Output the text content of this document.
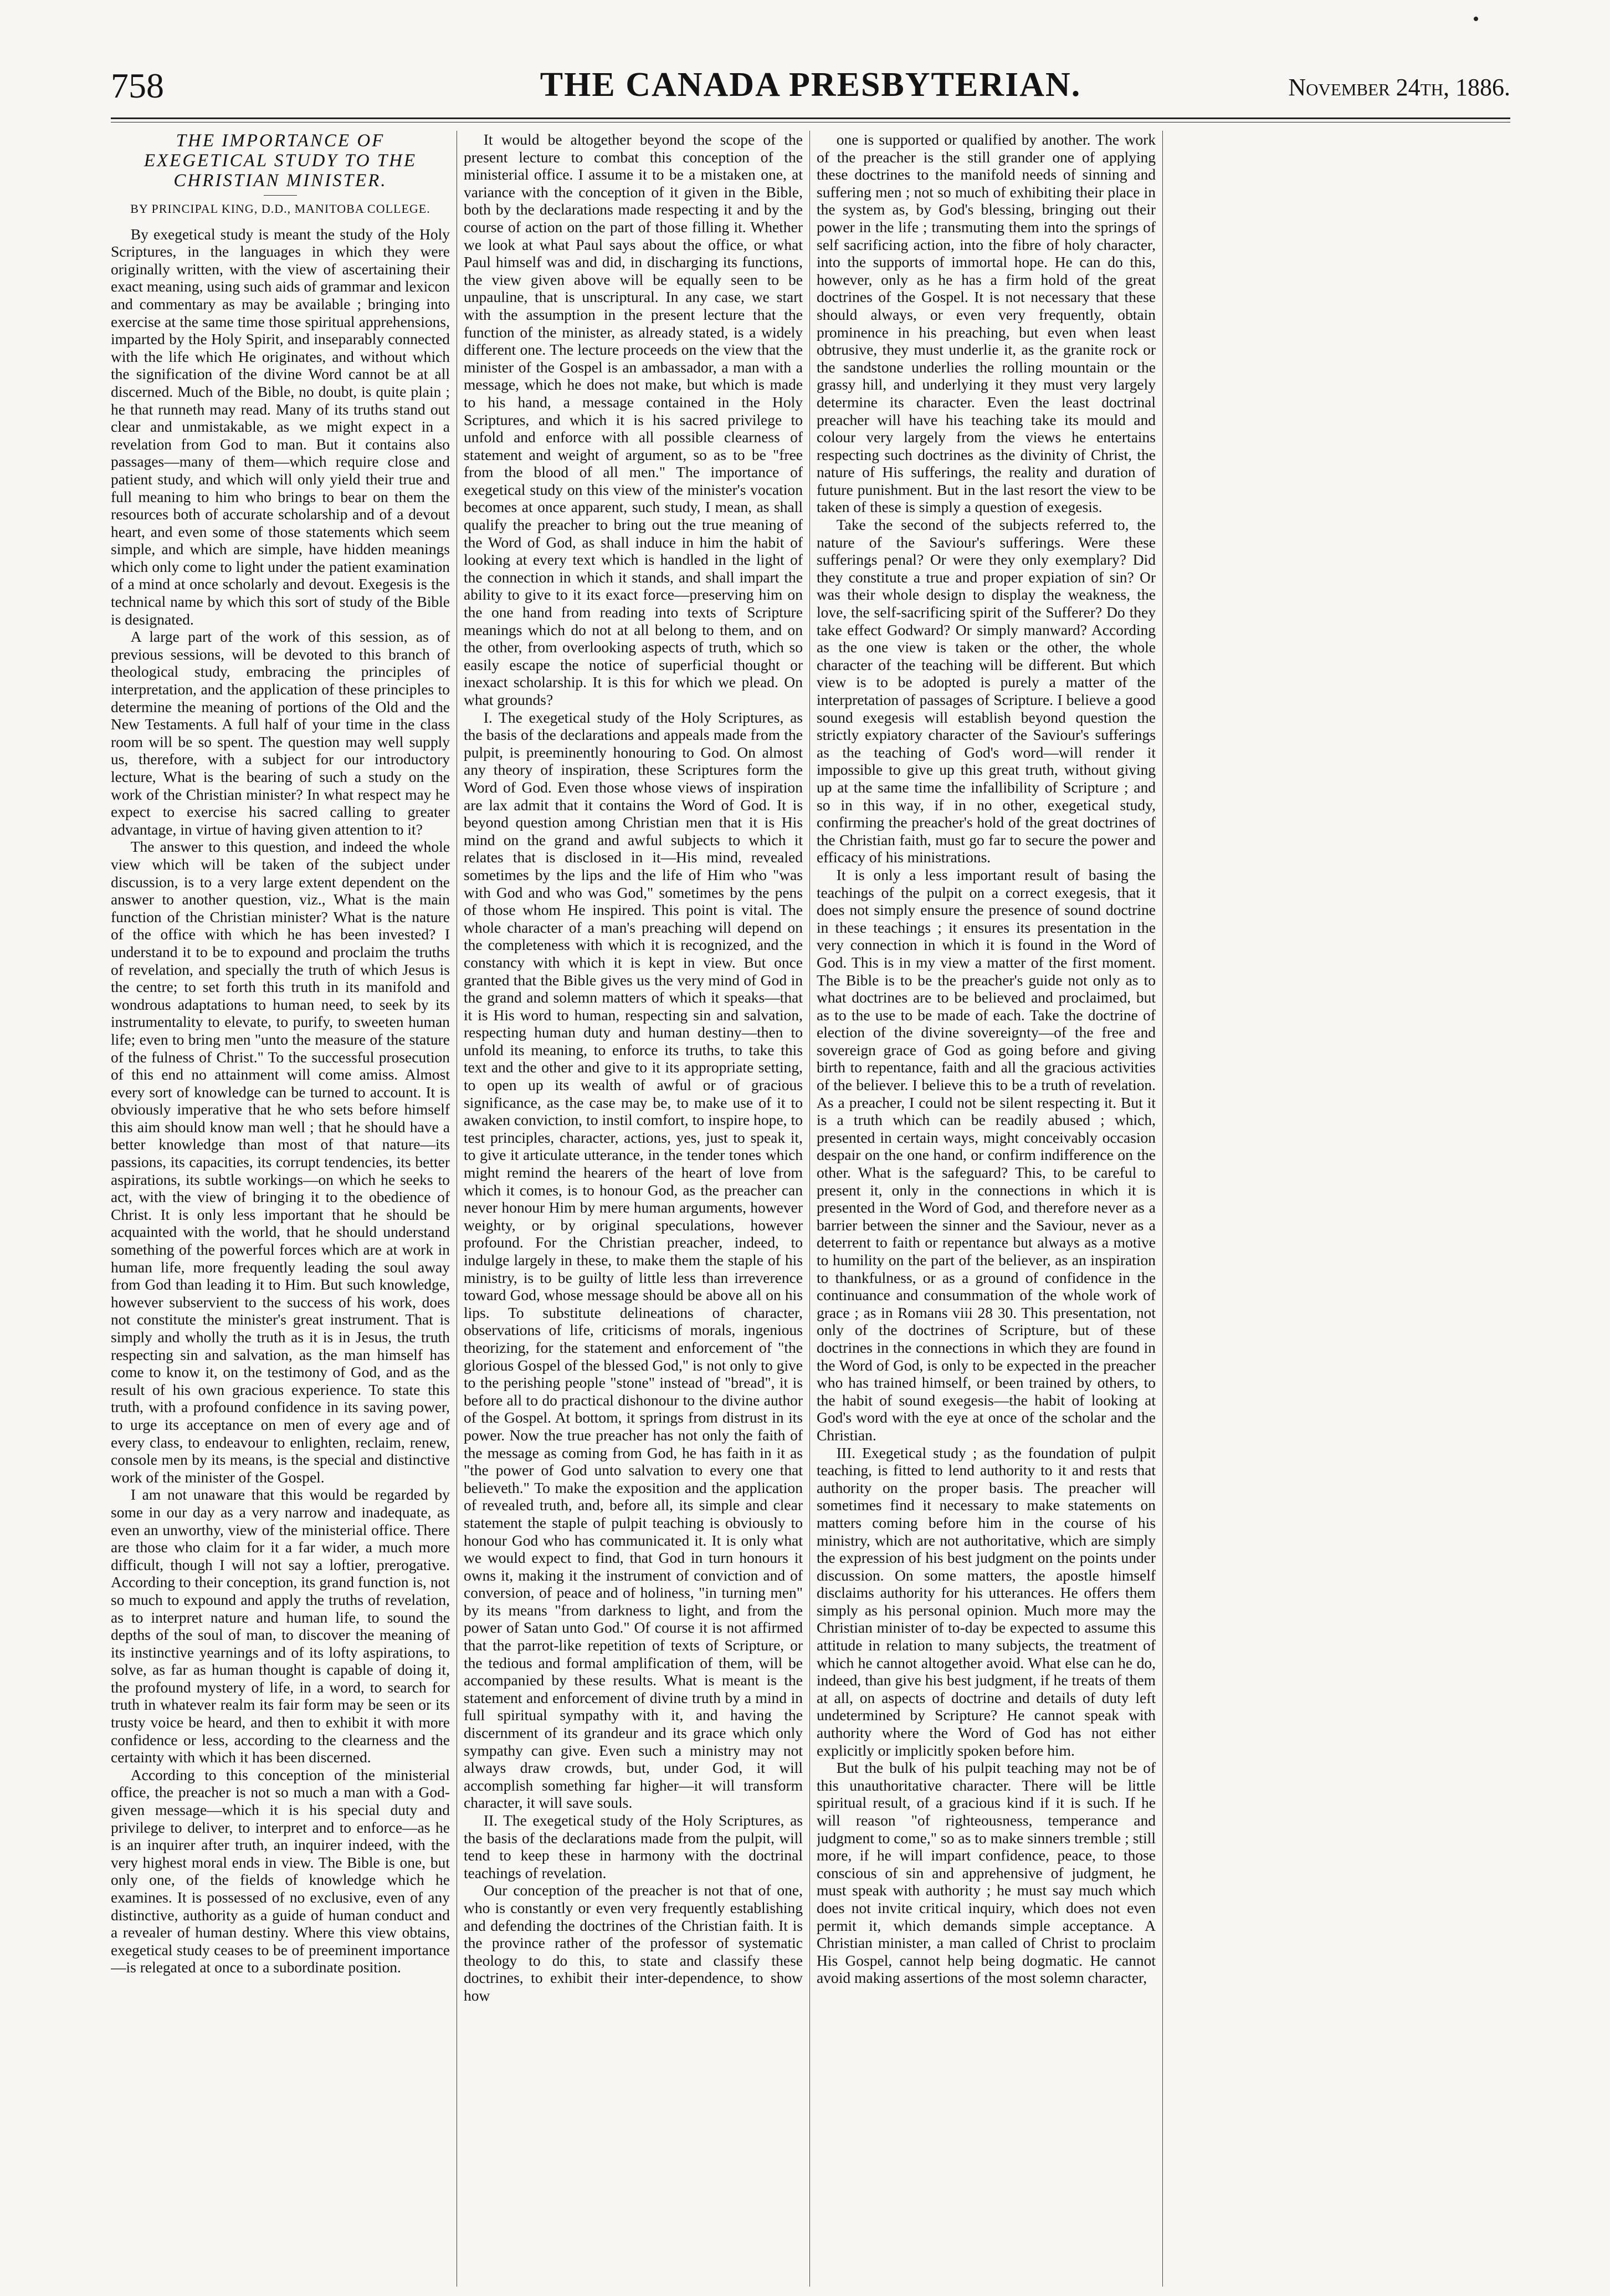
758	THE CANADA PRESBYTERIAN.	November 24th, 1886.

THE IMPORTANCE OF EXEGETICAL STUDY TO THE CHRISTIAN MINISTER.

BY PRINCIPAL KING, D.D., MANITOBA COLLEGE.

By exegetical study is meant the study of the Holy Scriptures, in the languages in which they were originally written, with the view of ascertaining their exact meaning, using such aids of grammar and lexicon and commentary as may be available ; bringing into exercise at the same time those spiritual apprehensions, imparted by the Holy Spirit, and inseparably connected with the life which He originates, and without which the signification of the divine Word cannot be at all discerned. Much of the Bible, no doubt, is quite plain ; he that runneth may read. Many of its truths stand out clear and unmistakable, as we might expect in a revelation from God to man. But it contains also passages—many of them—which require close and patient study, and which will only yield their true and full meaning to him who brings to bear on them the resources both of accurate scholarship and of a devout heart, and even some of those statements which seem simple, and which are simple, have hidden meanings which only come to light under the patient examination of a mind at once scholarly and devout. Exegesis is the technical name by which this sort of study of the Bible is designated.

A large part of the work of this session, as of previous sessions, will be devoted to this branch of theological study, embracing the principles of interpretation, and the application of these principles to determine the meaning of portions of the Old and the New Testaments. A full half of your time in the class room will be so spent. The question may well supply us, therefore, with a subject for our introductory lecture, What is the bearing of such a study on the work of the Christian minister? In what respect may he expect to exercise his sacred calling to greater advantage, in virtue of having given attention to it?

The answer to this question, and indeed the whole view which will be taken of the subject under discussion, is to a very large extent dependent on the answer to another question, viz., What is the main function of the Christian minister? What is the nature of the office with which he has been invested? I understand it to be to expound and proclaim the truths of revelation, and specially the truth of which Jesus is the centre; to set forth this truth in its manifold and wondrous adaptations to human need, to seek by its instrumentality to elevate, to purify, to sweeten human life; even to bring men "unto the measure of the stature of the fulness of Christ." To the successful prosecution of this end no attainment will come amiss. Almost every sort of knowledge can be turned to account. It is obviously imperative that he who sets before himself this aim should know man well ; that he should have a better knowledge than most of that nature—its passions, its capacities, its corrupt tendencies, its better aspirations, its subtle workings—on which he seeks to act, with the view of bringing it to the obedience of Christ. It is only less important that he should be acquainted with the world, that he should understand something of the powerful forces which are at work in human life, more frequently leading the soul away from God than leading it to Him. But such knowledge, however subservient to the success of his work, does not constitute the minister's great instrument. That is simply and wholly the truth as it is in Jesus, the truth respecting sin and salvation, as the man himself has come to know it, on the testimony of God, and as the result of his own gracious experience. To state this truth, with a profound confidence in its saving power, to urge its acceptance on men of every age and of every class, to endeavour to enlighten, reclaim, renew, console men by its means, is the special and distinctive work of the minister of the Gospel.

I am not unaware that this would be regarded by some in our day as a very narrow and inadequate, as even an unworthy, view of the ministerial office. There are those who claim for it a far wider, a much more difficult, though I will not say a loftier, prerogative. According to their conception, its grand function is, not so much to expound and apply the truths of revelation, as to interpret nature and human life, to sound the depths of the soul of man, to discover the meaning of its instinctive yearnings and of its lofty aspirations, to solve, as far as human thought is capable of doing it, the profound mystery of life, in a word, to search for truth in whatever realm its fair form may be seen or its trusty voice be heard, and then to exhibit it with more confidence or less, according to the clearness and the certainty with which it has been discerned.

According to this conception of the ministerial office, the preacher is not so much a man with a God-given message—which it is his special duty and privilege to deliver, to interpret and to enforce—as he is an inquirer after truth, an inquirer indeed, with the very highest moral ends in view. The Bible is one, but only one, of the fields of knowledge which he examines. It is possessed of no exclusive, even of any distinctive, authority as a guide of human conduct and a revealer of human destiny. Where this view obtains, exegetical study ceases to be of preeminent importance—is relegated at once to a subordinate position.

It would be altogether beyond the scope of the present lecture to combat this conception of the ministerial office. I assume it to be a mistaken one, at variance with the conception of it given in the Bible, both by the declarations made respecting it and by the course of action on the part of those filling it. Whether we look at what Paul says about the office, or what Paul himself was and did, in discharging its functions, the view given above will be equally seen to be unpauline, that is unscriptural. In any case, we start with the assumption in the present lecture that the function of the minister, as already stated, is a widely different one. The lecture proceeds on the view that the minister of the Gospel is an ambassador, a man with a message, which he does not make, but which is made to his hand, a message contained in the Holy Scriptures, and which it is his sacred privilege to unfold and enforce with all possible clearness of statement and weight of argument, so as to be "free from the blood of all men." The importance of exegetical study on this view of the minister's vocation becomes at once apparent, such study, I mean, as shall qualify the preacher to bring out the true meaning of the Word of God, as shall induce in him the habit of looking at every text which is handled in the light of the connection in which it stands, and shall impart the ability to give to it its exact force—preserving him on the one hand from reading into texts of Scripture meanings which do not at all belong to them, and on the other, from overlooking aspects of truth, which so easily escape the notice of superficial thought or inexact scholarship. It is this for which we plead. On what grounds?

I. The exegetical study of the Holy Scriptures, as the basis of the declarations and appeals made from the pulpit, is preeminently honouring to God. On almost any theory of inspiration, these Scriptures form the Word of God. Even those whose views of inspiration are lax admit that it contains the Word of God. It is beyond question among Christian men that it is His mind on the grand and awful subjects to which it relates that is disclosed in it—His mind, revealed sometimes by the lips and the life of Him who "was with God and who was God," sometimes by the pens of those whom He inspired. This point is vital. The whole character of a man's preaching will depend on the completeness with which it is recognized, and the constancy with which it is kept in view. But once granted that the Bible gives us the very mind of God in the grand and solemn matters of which it speaks—that it is His word to human, respecting sin and salvation, respecting human duty and human destiny—then to unfold its meaning, to enforce its truths, to take this text and the other and give to it its appropriate setting, to open up its wealth of awful or of gracious significance, as the case may be, to make use of it to awaken conviction, to instil comfort, to inspire hope, to test principles, character, actions, yes, just to speak it, to give it articulate utterance, in the tender tones which might remind the hearers of the heart of love from which it comes, is to honour God, as the preacher can never honour Him by mere human arguments, however weighty, or by original speculations, however profound. For the Christian preacher, indeed, to indulge largely in these, to make them the staple of his ministry, is to be guilty of little less than irreverence toward God, whose message should be above all on his lips. To substitute delineations of character, observations of life, criticisms of morals, ingenious theorizing, for the statement and enforcement of "the glorious Gospel of the blessed God," is not only to give to the perishing people "stone" instead of "bread", it is before all to do practical dishonour to the divine author of the Gospel. At bottom, it springs from distrust in its power. Now the true preacher has not only the faith of the message as coming from God, he has faith in it as "the power of God unto salvation to every one that believeth." To make the exposition and the application of revealed truth, and, before all, its simple and clear statement the staple of pulpit teaching is obviously to honour God who has communicated it. It is only what we would expect to find, that God in turn honours it owns it, making it the instrument of conviction and of conversion, of peace and of holiness, "in turning men" by its means "from darkness to light, and from the power of Satan unto God." Of course it is not affirmed that the parrot-like repetition of texts of Scripture, or the tedious and formal amplification of them, will be accompanied by these results. What is meant is the statement and enforcement of divine truth by a mind in full spiritual sympathy with it, and having the discernment of its grandeur and its grace which only sympathy can give. Even such a ministry may not always draw crowds, but, under God, it will accomplish something far higher—it will transform character, it will save souls.

II. The exegetical study of the Holy Scriptures, as the basis of the declarations made from the pulpit, will tend to keep these in harmony with the doctrinal teachings of revelation.

Our conception of the preacher is not that of one, who is constantly or even very frequently establishing and defending the doctrines of the Christian faith. It is the province rather of the professor of systematic theology to do this, to state and classify these doctrines, to exhibit their inter-dependence, to show how

one is supported or qualified by another. The work of the preacher is the still grander one of applying these doctrines to the manifold needs of sinning and suffering men ; not so much of exhibiting their place in the system as, by God's blessing, bringing out their power in the life ; transmuting them into the springs of self sacrificing action, into the fibre of holy character, into the supports of immortal hope. He can do this, however, only as he has a firm hold of the great doctrines of the Gospel. It is not necessary that these should always, or even very frequently, obtain prominence in his preaching, but even when least obtrusive, they must underlie it, as the granite rock or the sandstone underlies the rolling mountain or the grassy hill, and underlying it they must very largely determine its character. Even the least doctrinal preacher will have his teaching take its mould and colour very largely from the views he entertains respecting such doctrines as the divinity of Christ, the nature of His sufferings, the reality and duration of future punishment. But in the last resort the view to be taken of these is simply a question of exegesis.

Take the second of the subjects referred to, the nature of the Saviour's sufferings. Were these sufferings penal? Or were they only exemplary? Did they constitute a true and proper expiation of sin? Or was their whole design to display the weakness, the love, the self-sacrificing spirit of the Sufferer? Do they take effect Godward? Or simply manward? According as the one view is taken or the other, the whole character of the teaching will be different. But which view is to be adopted is purely a matter of the interpretation of passages of Scripture. I believe a good sound exegesis will establish beyond question the strictly expiatory character of the Saviour's sufferings as the teaching of God's word—will render it impossible to give up this great truth, without giving up at the same time the infallibility of Scripture ; and so in this way, if in no other, exegetical study, confirming the preacher's hold of the great doctrines of the Christian faith, must go far to secure the power and efficacy of his ministrations.

It is only a less important result of basing the teachings of the pulpit on a correct exegesis, that it does not simply ensure the presence of sound doctrine in these teachings ; it ensures its presentation in the very connection in which it is found in the Word of God. This is in my view a matter of the first moment. The Bible is to be the preacher's guide not only as to what doctrines are to be believed and proclaimed, but as to the use to be made of each. Take the doctrine of election of the divine sovereignty—of the free and sovereign grace of God as going before and giving birth to repentance, faith and all the gracious activities of the believer. I believe this to be a truth of revelation. As a preacher, I could not be silent respecting it. But it is a truth which can be readily abused ; which, presented in certain ways, might conceivably occasion despair on the one hand, or confirm indifference on the other. What is the safeguard? This, to be careful to present it, only in the connections in which it is presented in the Word of God, and therefore never as a barrier between the sinner and the Saviour, never as a deterrent to faith or repentance but always as a motive to humility on the part of the believer, as an inspiration to thankfulness, or as a ground of confidence in the continuance and consummation of the whole work of grace ; as in Romans viii 28 30. This presentation, not only of the doctrines of Scripture, but of these doctrines in the connections in which they are found in the Word of God, is only to be expected in the preacher who has trained himself, or been trained by others, to the habit of sound exegesis—the habit of looking at God's word with the eye at once of the scholar and the Christian.

III. Exegetical study ; as the foundation of pulpit teaching, is fitted to lend authority to it and rests that authority on the proper basis. The preacher will sometimes find it necessary to make statements on matters coming before him in the course of his ministry, which are not authoritative, which are simply the expression of his best judgment on the points under discussion. On some matters, the apostle himself disclaims authority for his utterances. He offers them simply as his personal opinion. Much more may the Christian minister of to-day be expected to assume this attitude in relation to many subjects, the treatment of which he cannot altogether avoid. What else can he do, indeed, than give his best judgment, if he treats of them at all, on aspects of doctrine and details of duty left undetermined by Scripture? He cannot speak with authority where the Word of God has not either explicitly or implicitly spoken before him.

But the bulk of his pulpit teaching may not be of this unauthoritative character. There will be little spiritual result, of a gracious kind if it is such. If he will reason "of righteousness, temperance and judgment to come," so as to make sinners tremble ; still more, if he will impart confidence, peace, to those conscious of sin and apprehensive of judgment, he must speak with authority ; he must say much which does not invite critical inquiry, which does not even permit it, which demands simple acceptance. A Christian minister, a man called of Christ to proclaim His Gospel, cannot help being dogmatic. He cannot avoid making assertions of the most solemn character,
